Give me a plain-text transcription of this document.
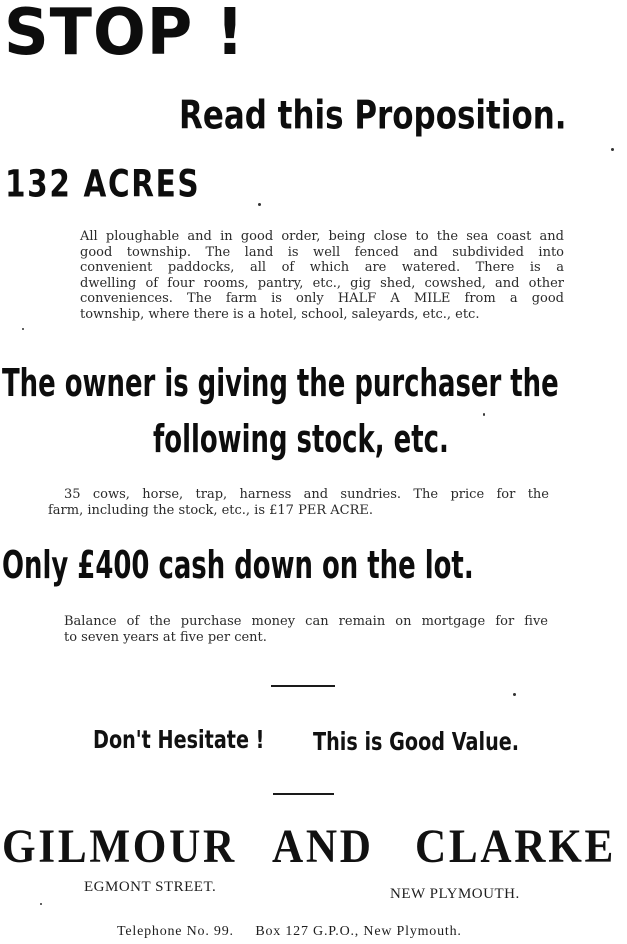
STOP !
Read this Proposition.
132 ACRES
All ploughable and in good order, being close to the sea coast and
good township. The land is well fenced and subdivided into
convenient paddocks, all of which are watered. There is a
dwelling of four rooms, pantry, etc., gig shed, cowshed, and other
conveniences. The farm is only HALF A MILE from a good
township, where there is a hotel, school, saleyards, etc., etc.
The owner is giving the purchaser the
following stock, etc.
35 cows, horse, trap, harness and sundries. The price for the
farm, including the stock, etc., is £17 PER ACRE.
Only £400 cash down on the lot.
Balance of the purchase money can remain on mortgage for five
to seven years at five per cent.
Don't Hesitate ! This is Good Value.
GILMOUR AND CLARKE
EGMONT STREET.	NEW PLYMOUTH.
Telephone No. 99.     Box 127 G.P.O., New Plymouth.
